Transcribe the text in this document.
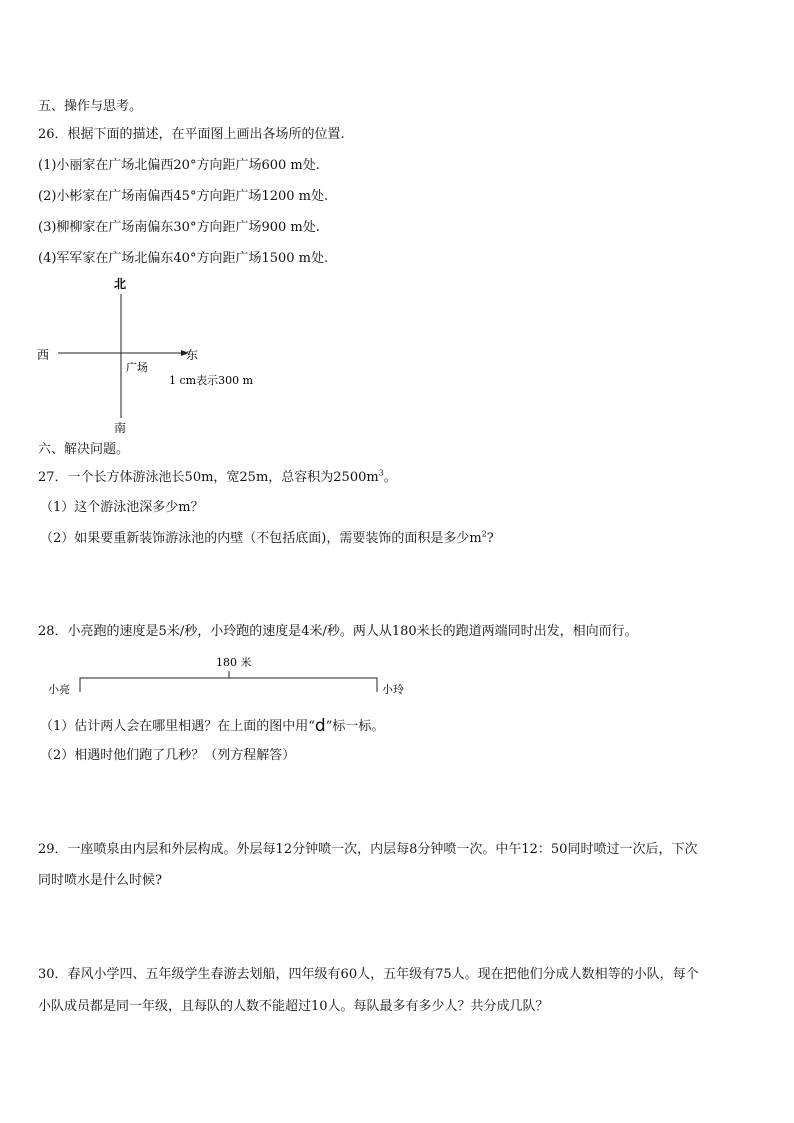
五、操作与思考。
26．根据下面的描述，在平面图上画出各场所的位置.
(1)小丽家在广场北偏西20°方向距广场600 m处.
(2)小彬家在广场南偏西45°方向距广场1200 m处.
(3)柳柳家在广场南偏东30°方向距广场900 m处.
(4)军军家在广场北偏东40°方向距广场1500 m处.
北
南
西	东
广场
1 cm表示300 m
六、解决问题。
27．一个长方体游泳池长50m，宽25m，总容积为$2500m^3$。
（1）这个游泳池深多少m？
（2）如果要重新装饰游泳池的内壁（不包括底面)，需要装饰的面积是多少$m^2$?
28．小亮跑的速度是5米/秒，小玲跑的速度是4米/秒。两人从180米长的跑道两端同时出发，相向而行。
180 米
小亮	小玲
（1）估计两人会在哪里相遇？在上面的图中用“d”标一标。
（2）相遇时他们跑了几秒？（列方程解答）
29．一座喷泉由内层和外层构成。外层每12分钟喷一次，内层每8分钟喷一次。中午12：50同时喷过一次后，下次
同时喷水是什么时候?
30．春风小学四、五年级学生春游去划船，四年级有60人，五年级有75人。现在把他们分成人数相等的小队，每个
小队成员都是同一年级，且每队的人数不能超过10人。每队最多有多少人？共分成几队？
